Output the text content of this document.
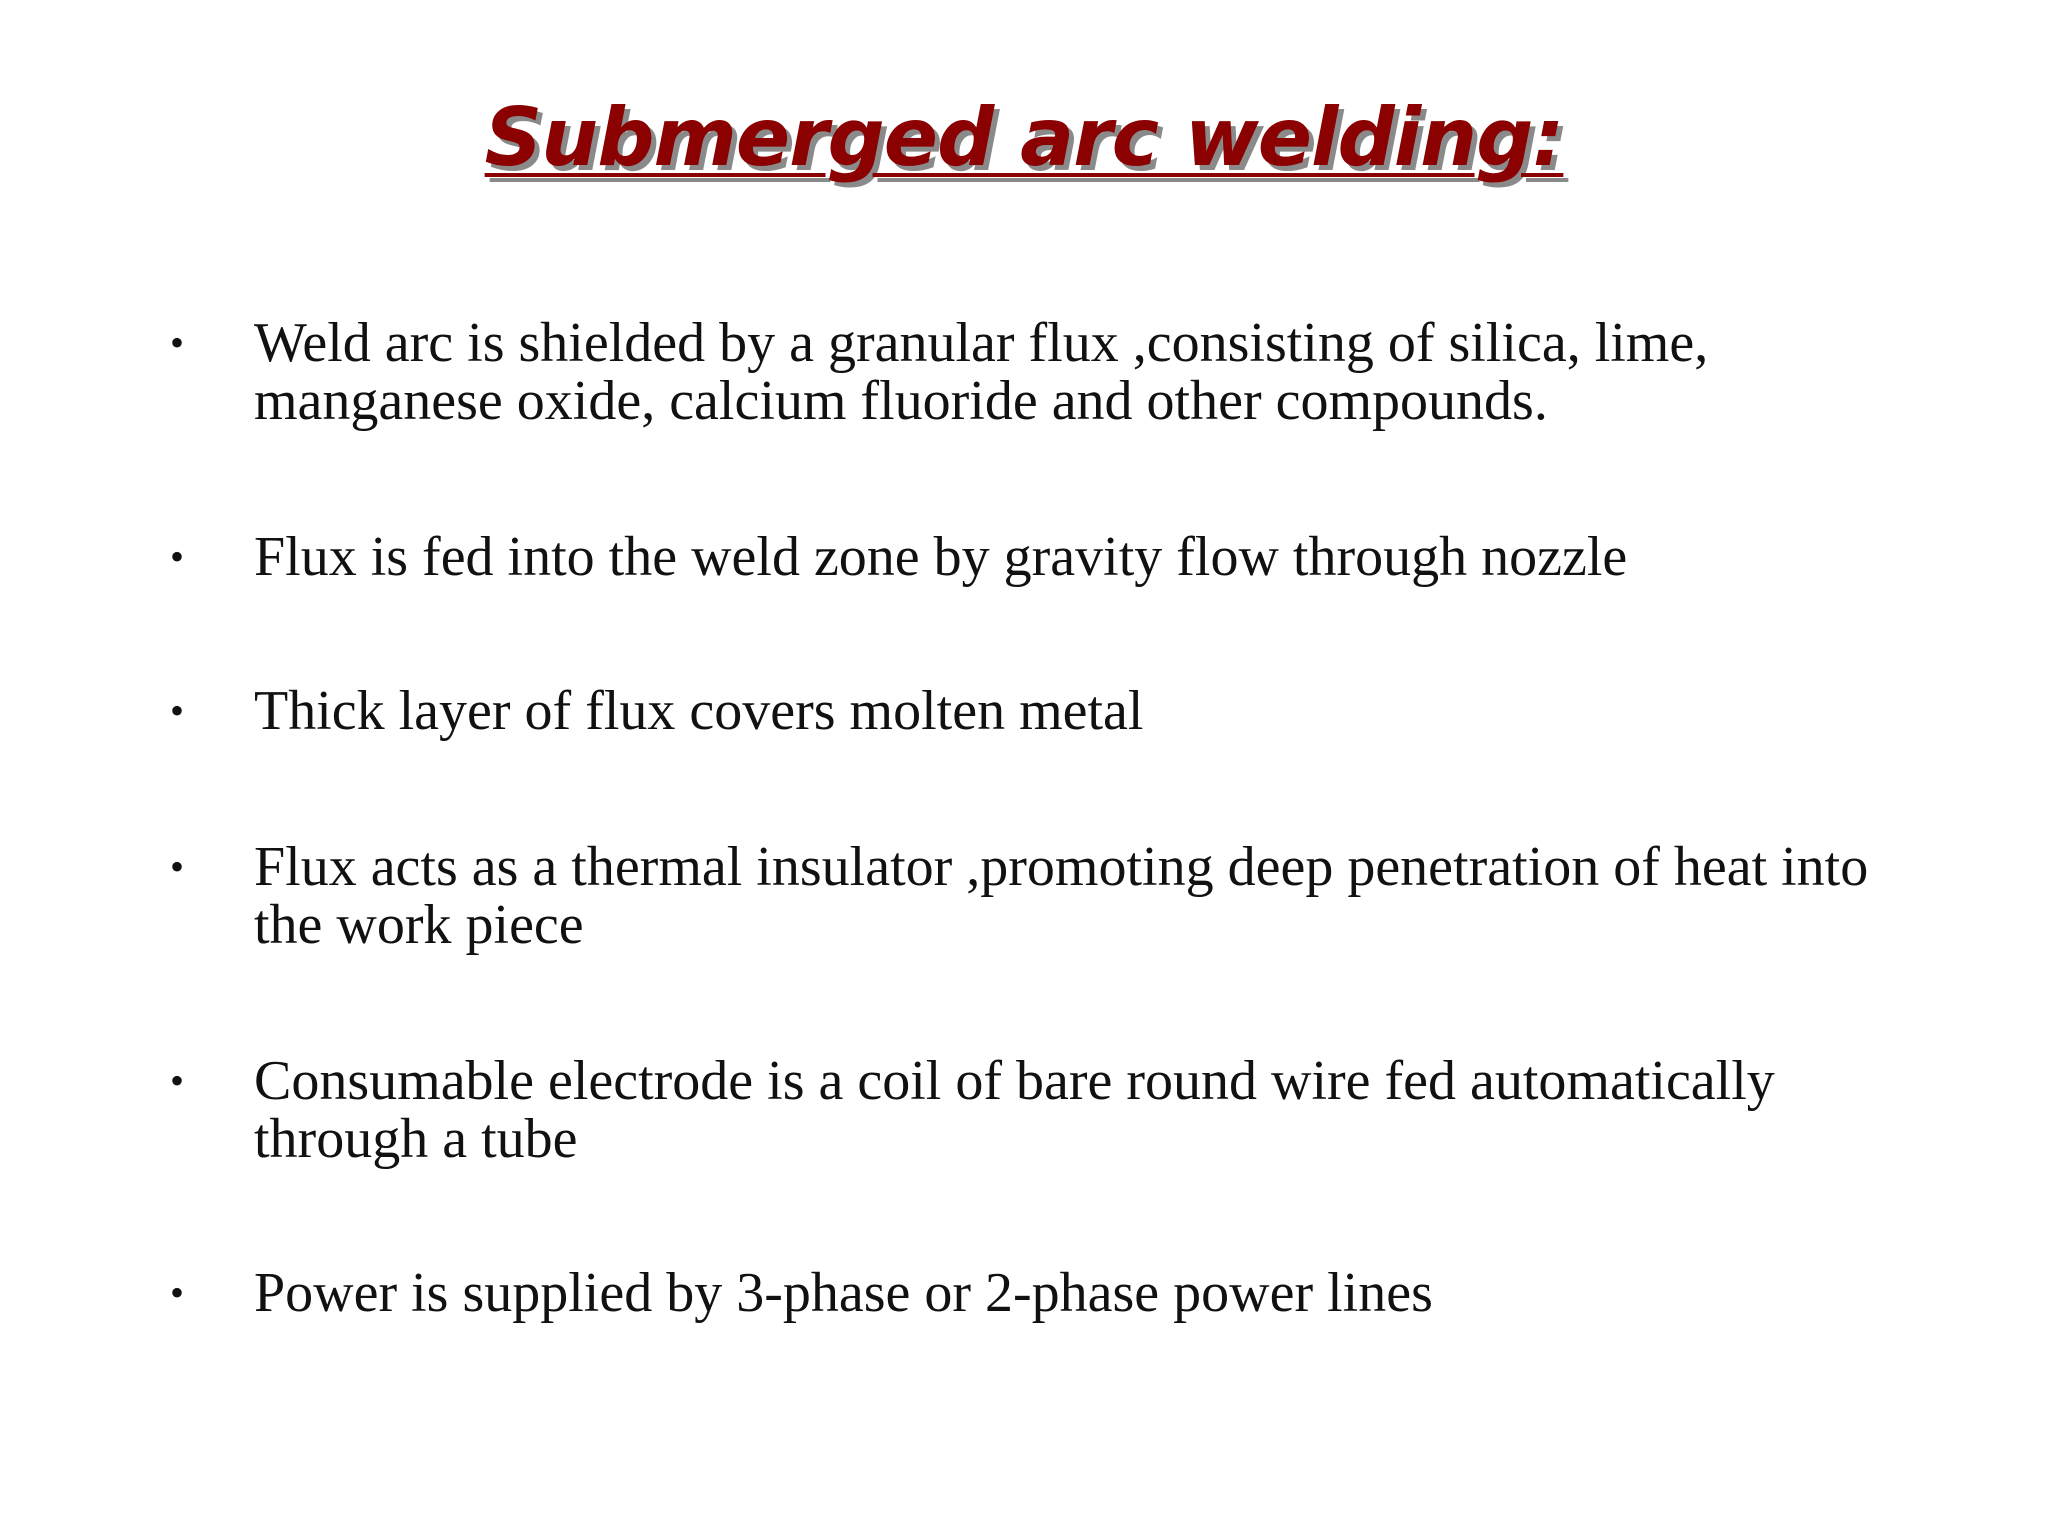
Submerged arc welding:
•	Weld arc is shielded by a granular flux ,consisting of silica, lime, manganese oxide, calcium fluoride and other compounds.
•	Flux is fed into the weld zone by gravity flow through nozzle
•	Thick layer of flux covers molten metal
•	Flux acts as a thermal insulator ,promoting deep penetration of heat into the work piece
•	Consumable electrode is a coil of bare round wire fed automatically through a tube
•	Power is supplied by 3-phase or 2-phase power lines
